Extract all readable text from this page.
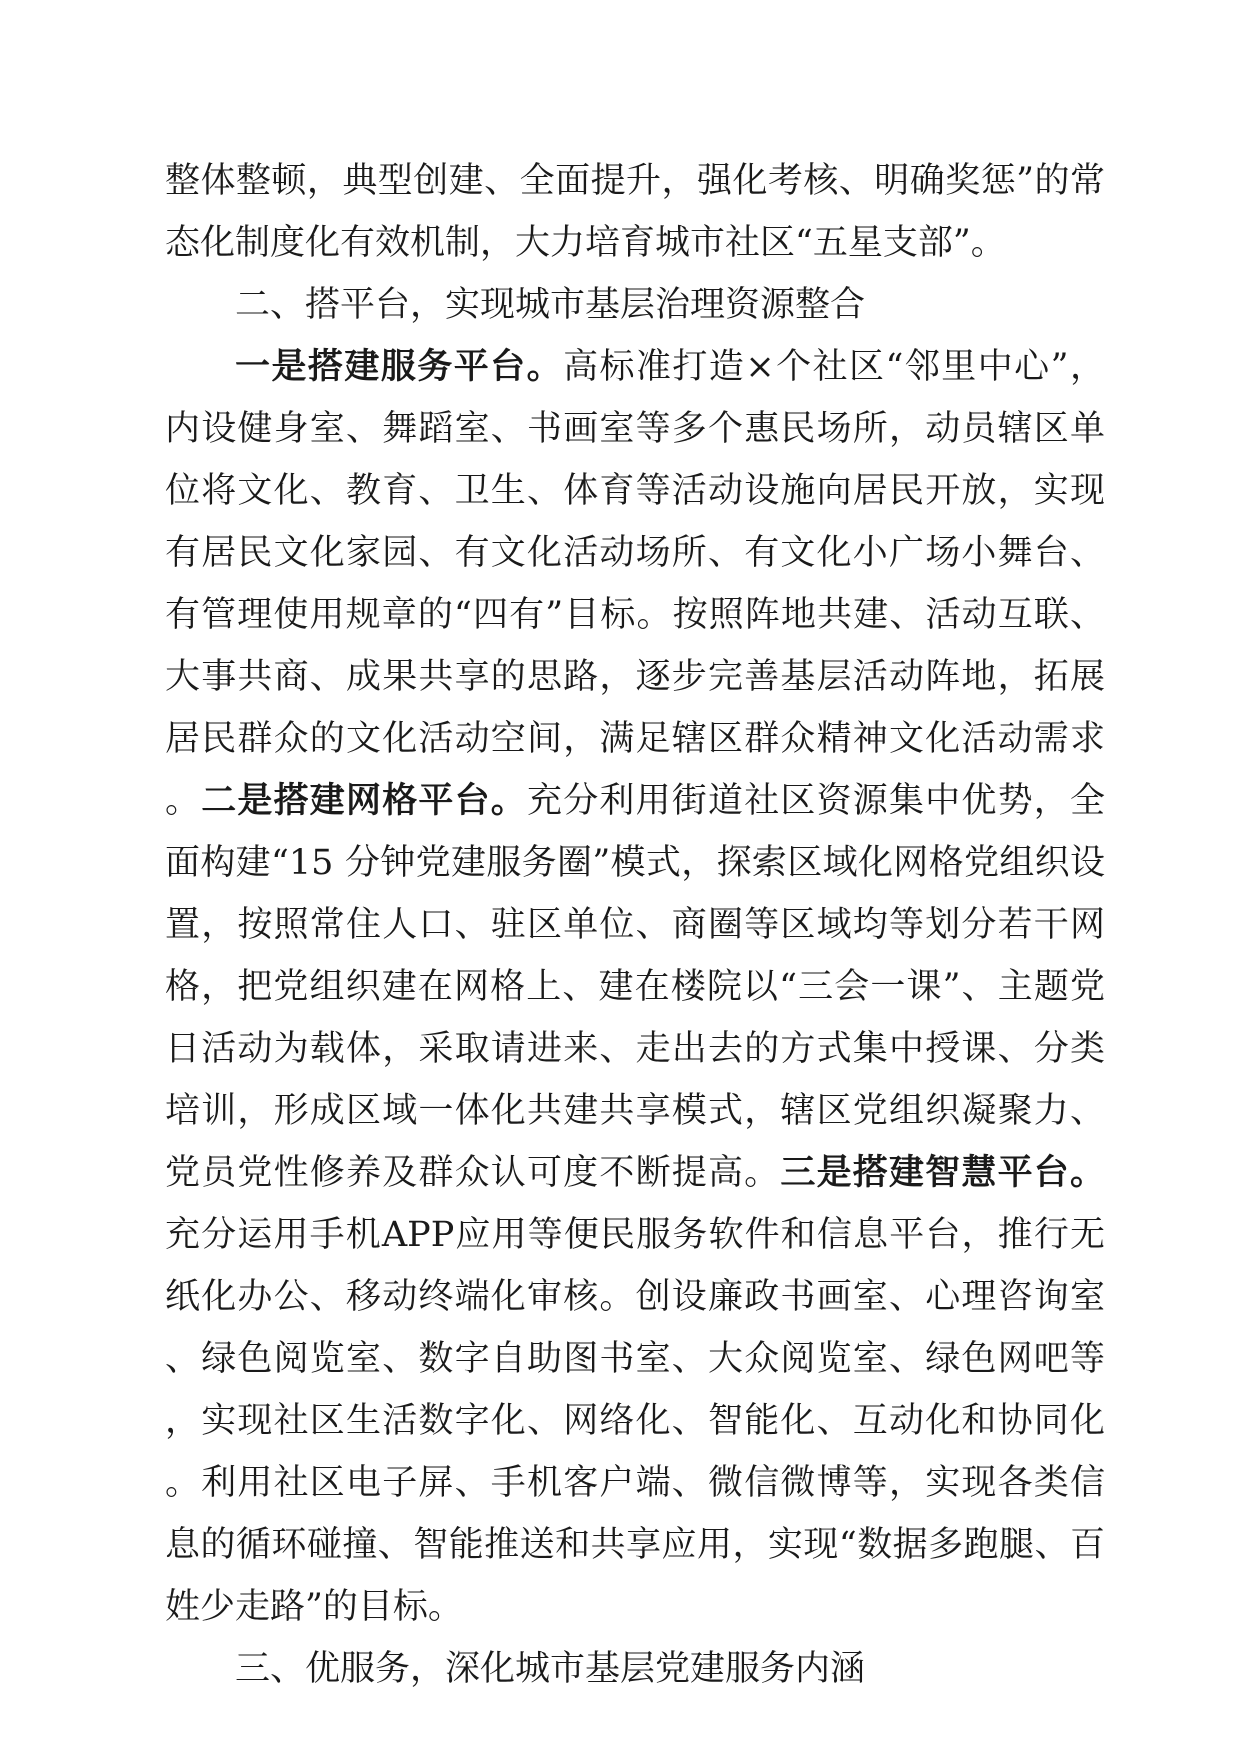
整体整顿，典型创建、全面提升，强化考核、明确奖惩”的常态化制度化有效机制，大力培育城市社区“五星支部”。

二、搭平台，实现城市基层治理资源整合

一是搭建服务平台。高标准打造×个社区“邻里中心”，内设健身室、舞蹈室、书画室等多个惠民场所，动员辖区单位将文化、教育、卫生、体育等活动设施向居民开放，实现有居民文化家园、有文化活动场所、有文化小广场小舞台、有管理使用规章的“四有”目标。按照阵地共建、活动互联、大事共商、成果共享的思路，逐步完善基层活动阵地，拓展居民群众的文化活动空间，满足辖区群众精神文化活动需求。二是搭建网格平台。充分利用街道社区资源集中优势，全面构建“15 分钟党建服务圈”模式，探索区域化网格党组织设置，按照常住人口、驻区单位、商圈等区域均等划分若干网格，把党组织建在网格上、建在楼院以“三会一课”、主题党日活动为载体，采取请进来、走出去的方式集中授课、分类培训，形成区域一体化共建共享模式，辖区党组织凝聚力、党员党性修养及群众认可度不断提高。三是搭建智慧平台。充分运用手机APP应用等便民服务软件和信息平台，推行无纸化办公、移动终端化审核。创设廉政书画室、心理咨询室、绿色阅览室、数字自助图书室、大众阅览室、绿色网吧等，实现社区生活数字化、网络化、智能化、互动化和协同化。利用社区电子屏、手机客户端、微信微博等，实现各类信息的循环碰撞、智能推送和共享应用，实现“数据多跑腿、百姓少走路”的目标。

三、优服务，深化城市基层党建服务内涵
